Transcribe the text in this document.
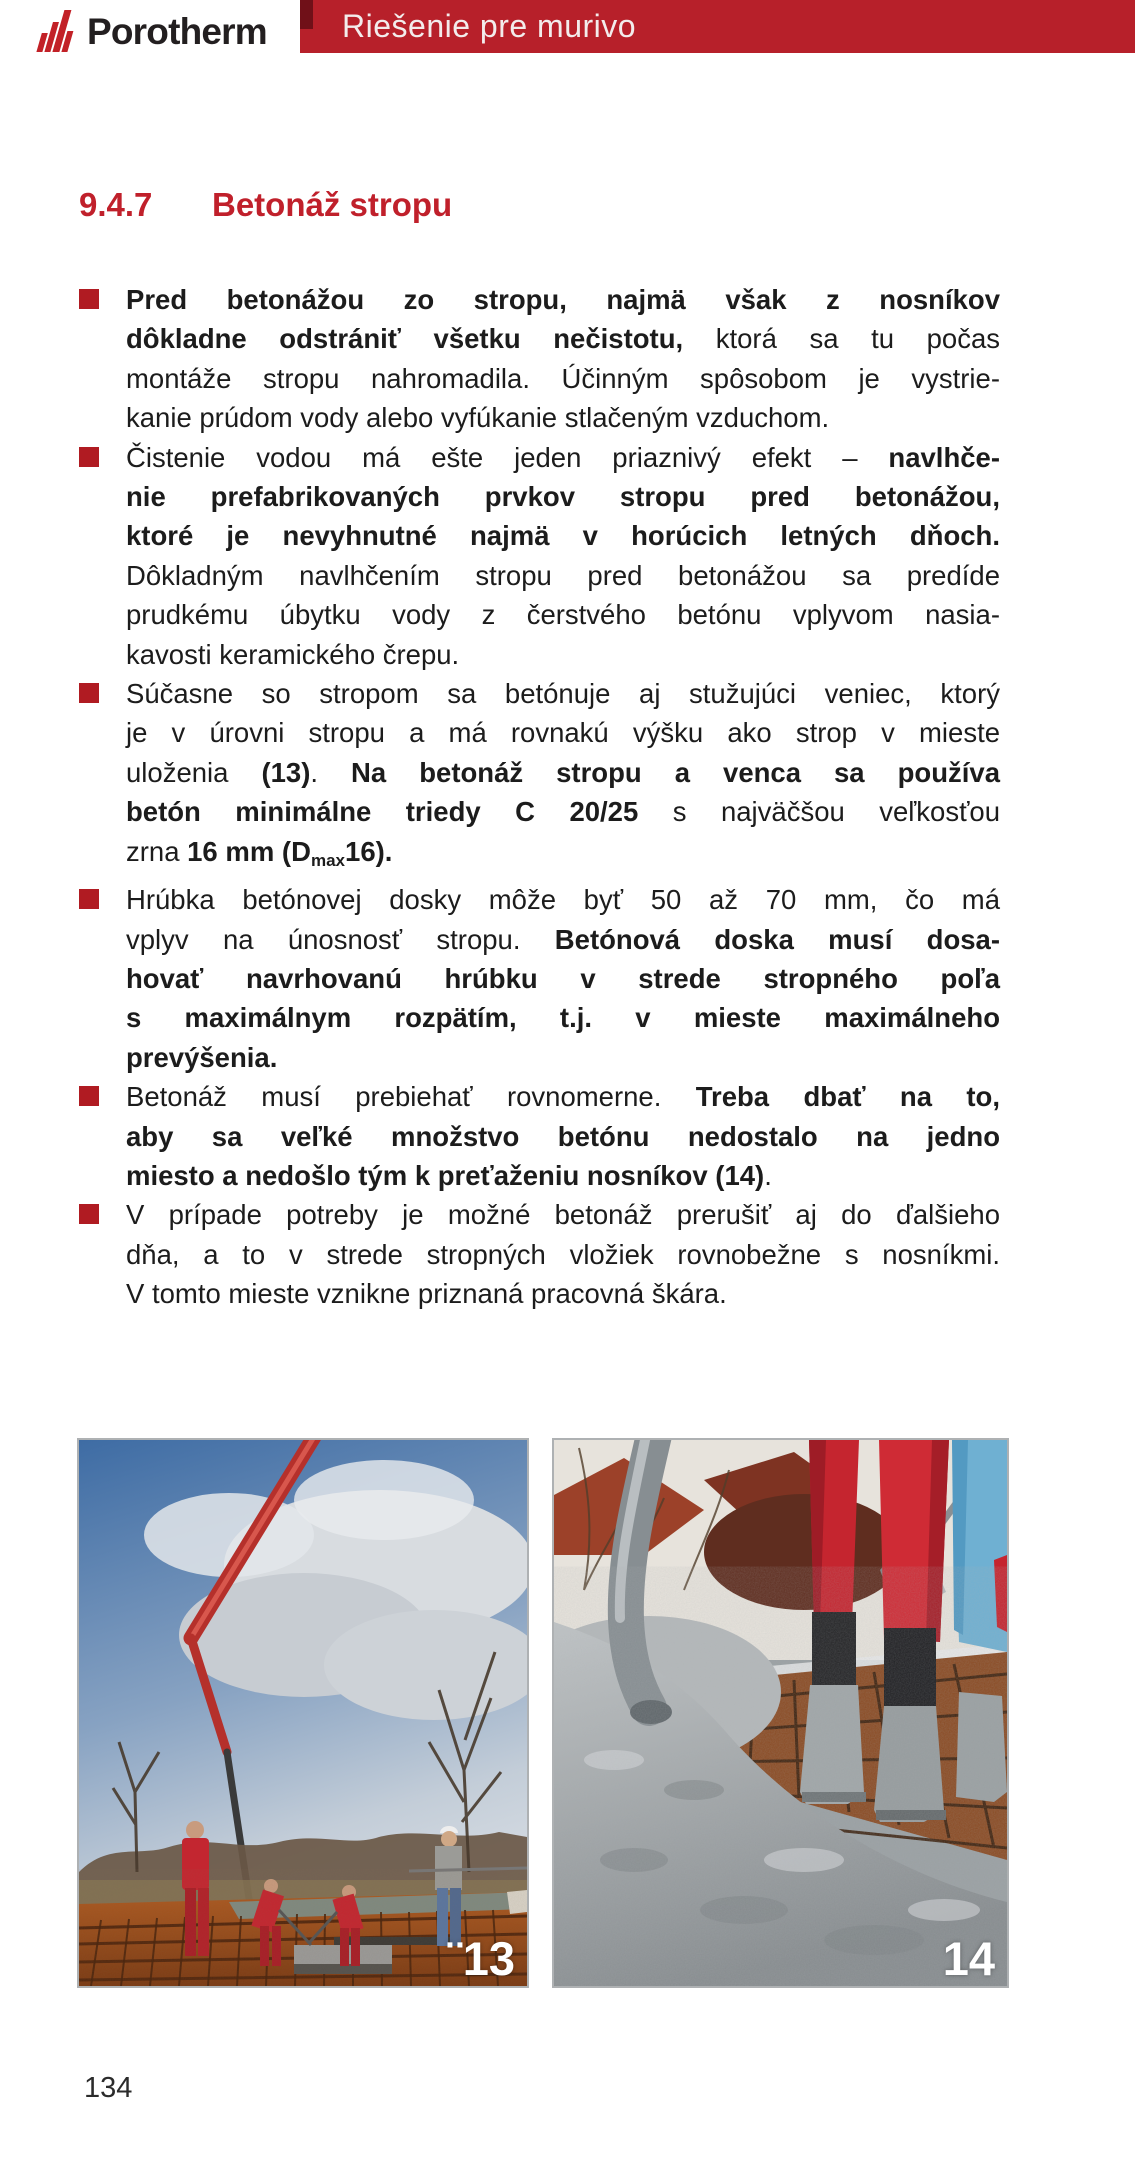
Porotherm Riešenie pre murivo
9.4.7 Betonáž stropu
Pred betonážou zo stropu, najmä však z nosníkov
dôkladne odstrániť všetku nečistotu, ktorá sa tu počas
montáže stropu nahromadila. Účinným spôsobom je vystrie-
kanie prúdom vody alebo vyfúkanie stlačeným vzduchom.
Čistenie vodou má ešte jeden priaznivý efekt – navlhče-
nie prefabrikovaných prvkov stropu pred betonážou,
ktoré je nevyhnutné najmä v horúcich letných dňoch.
Dôkladným navlhčením stropu pred betonážou sa predíde
prudkému úbytku vody z čerstvého betónu vplyvom nasia-
kavosti keramického črepu.
Súčasne so stropom sa betónuje aj stužujúci veniec, ktorý
je v úrovni stropu a má rovnakú výšku ako strop v mieste
uloženia (13). Na betonáž stropu a venca sa používa
betón minimálne triedy C 20/25 s najväčšou veľkosťou
zrna 16 mm $(D_{max}16)$.
Hrúbka betónovej dosky môže byť 50 až 70 mm, čo má
vplyv na únosnosť stropu. Betónová doska musí dosa-
hovať navrhovanú hrúbku v strede stropného poľa
s maximálnym rozpätím, t.j. v mieste maximálneho
prevýšenia.
Betonáž musí prebiehať rovnomerne. Treba dbať na to,
aby sa veľké množstvo betónu nedostalo na jedno
miesto a nedošlo tým k preťaženiu nosníkov (14).
V prípade potreby je možné betonáž prerušiť aj do ďalšieho
dňa, a to v strede stropných vložiek rovnobežne s nosníkmi.
V tomto mieste vznikne priznaná pracovná škára.
¨13	14
134
